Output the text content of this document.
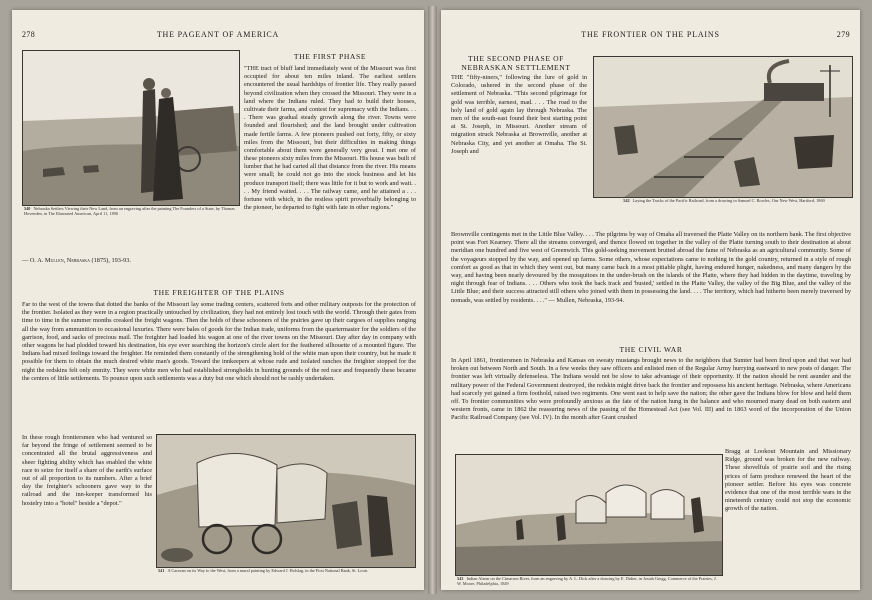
278	THE PAGEANT OF AMERICA
540 Nebraska Settlers Viewing their New Land, from an engraving after the painting The Founders of a State, by Thomas Hovenden, in The Illustrated American, April 11, 1890
THE FIRST PHASE
"THE tract of bluff land immediately west of the Missouri was first occupied for about ten miles inland. The earliest settlers encountered the usual hardships of frontier life. They really passed beyond civilization when they crossed the Missouri. They were in a land where the Indians ruled. They had to build their houses, cultivate their farms, and contest for supremacy with the Indians. . . . There was gradual steady growth along the river. Towns were founded and flourished; and the land brought under cultivation made fertile farms. A few pioneers pushed out forty, fifty, or sixty miles from the Missouri, but their difficulties in making things comfortable about them were generally very great. I met one of these pioneers sixty miles from the Missouri. His house was built of lumber that he had carted all that distance from the river. His means were small; he could not go into the stock business and let his produce transport itself; there was little for it but to work and wait. . . . My friend waited. . . . The railway came, and he attained a . . . fortune with which, in the restless spirit proverbially belonging to the pioneer, he departed to fight with fate in other regions."
— O. A. Mullen, Nebraska (1875), 193-93.
THE FREIGHTER OF THE PLAINS
Far to the west of the towns that dotted the banks of the Missouri lay some trading centers, scattered forts and other military outposts for the protection of the frontier. Isolated as they were in a region practically untouched by civilization, they had not entirely lost touch with the world. Through their gates from time to time in the summer months creaked the freight wagons. Then the holds of these schooners of the prairies gave up their cargoes of supplies ranging all the way from ammunition to occasional luxuries. There were bales of goods for the Indian trade, uniforms from the quartermaster for the soldiers of the garrison, food, and sacks of precious mail. The freighter had loaded his wagon at one of the river towns on the Missouri. Day after day in company with other wagons he had plodded toward his destination, his eye ever searching the horizon's circle alert for the feathered silhouette of a mounted figure. The Indians had mixed feelings toward the freighter. He reminded them constantly of the strengthening hold of the white man upon their country, but he made it possible for them to obtain the much desired white man's goods. Toward the innkeepers at whose rude and isolated ranches the freighter stopped for the night the redskins felt only enmity. They were white men who had established strongholds in hunting grounds of the red race and frequently these became the centers of little settlements. To pounce upon such settlements was a duty but one which should not be rashly undertaken.
In these rough frontiersmen who had ventured so far beyond the fringe of settlement seemed to be concentrated all the brutal aggressiveness and sheer fighting ability which has enabled the white race to seize for itself a share of the earth's surface out of all proportion to its numbers. After a brief day the freighter's schooners gave way to the railroad and the inn-keeper transformed his hostelry into a "hotel" beside a "depot."
541 A Caravan on its Way to the West, from a mural painting by Edward J. Holslag, in the First National Bank, St. Louis
THE FRONTIER ON THE PLAINS	279
THE SECOND PHASE OF
NEBRASKAN SETTLEMENT
THE "fifty-niners," following the lure of gold in Colorado, ushered in the second phase of the settlement of Nebraska. "This second pilgrimage for gold was terrible, earnest, mad. . . . The road to the holy land of gold again lay through Nebraska. The men of the south-east found their best starting point at St. Joseph, in Missouri. Another stream of migration struck Nebraska at Brownville, another at Nebraska City, and yet another at Omaha. The St. Joseph and
542 Laying the Tracks of the Pacific Railroad, from a drawing in Samuel C. Bowles, Our New West, Hartford, 1869
Brownville contingents met in the Little Blue Valley. . . . The pilgrims by way of Omaha all traversed the Platte Valley on its northern bank. The first objective point was Fort Kearney. There all the streams converged, and thence flowed on together in the valley of the Platte turning south to their destination at about meridian one hundred and five west of Greenwich. This gold-seeking movement bruited abroad the fame of Nebraska as an agricultural community. Some of the voyageurs stopped by the way, and opened up farms. Some others, whose expectations came to nothing in the gold country, returned in a style of rough comfort as good as that in which they went out, but many came back in a most pitiable plight, having endured hunger, nakedness, and many dangers by the way, and having been nearly devoured by the mosquitoes in the under-brush on the islands of the Platte, where they had hidden in the daytime, traveling by night through fear of Indians. . . . Others who took the back track and 'busted,' settled in the Platte Valley, the valley of the Big Blue, and the valley of the Little Blue; and their success attracted still others who joined with them in possessing the land. . . . The territory, which had hitherto been merely traversed by nomads, was settled by residents. . . ." — Mullen, Nebraska, 193-94.
THE CIVIL WAR
In April 1861, frontiersmen in Nebraska and Kansas on sweaty mustangs brought news to the neighbors that Sumter had been fired upon and that war had broken out between North and South. In a few weeks they saw officers and enlisted men of the Regular Army hurrying eastward to new posts of danger. The frontier was left virtually defenseless. The Indians would not be slow to take advantage of their opportunity. If the nation should be rent asunder and the military power of the Federal Government destroyed, the redskin might drive back the frontier and repossess his ancient heritage. Nebraska, where Americans had scarcely yet gained a firm foothold, raised two regiments. One went east to help save the nation; the other gave the Indians blow for blow and held them off. To frontier communities who were profoundly anxious as the fate of the nation hung in the balance and who mourned many dead on both eastern and western fronts, came in 1862 the reassuring news of the passing of the Homestead Act (see Vol. III) and in 1863 word of the incorporation of the Union Pacific Railroad Company (see Vol. IV). In the month after Grant crushed
543 Indian Alarm on the Cimarron River, from an engraving by A. L. Dick after a drawing by E. Didier, in Josiah Gregg, Commerce of the Prairies, J. W. Moore, Philadelphia, 1849
Bragg at Lookout Mountain and Missionary Ridge, ground was broken for the new railway. These shovelfuls of prairie soil and the rising prices of farm produce renewed the heart of the pioneer settler. Before his eyes was concrete evidence that one of the most terrible wars in the nineteenth century could not stop the economic growth of the nation.
